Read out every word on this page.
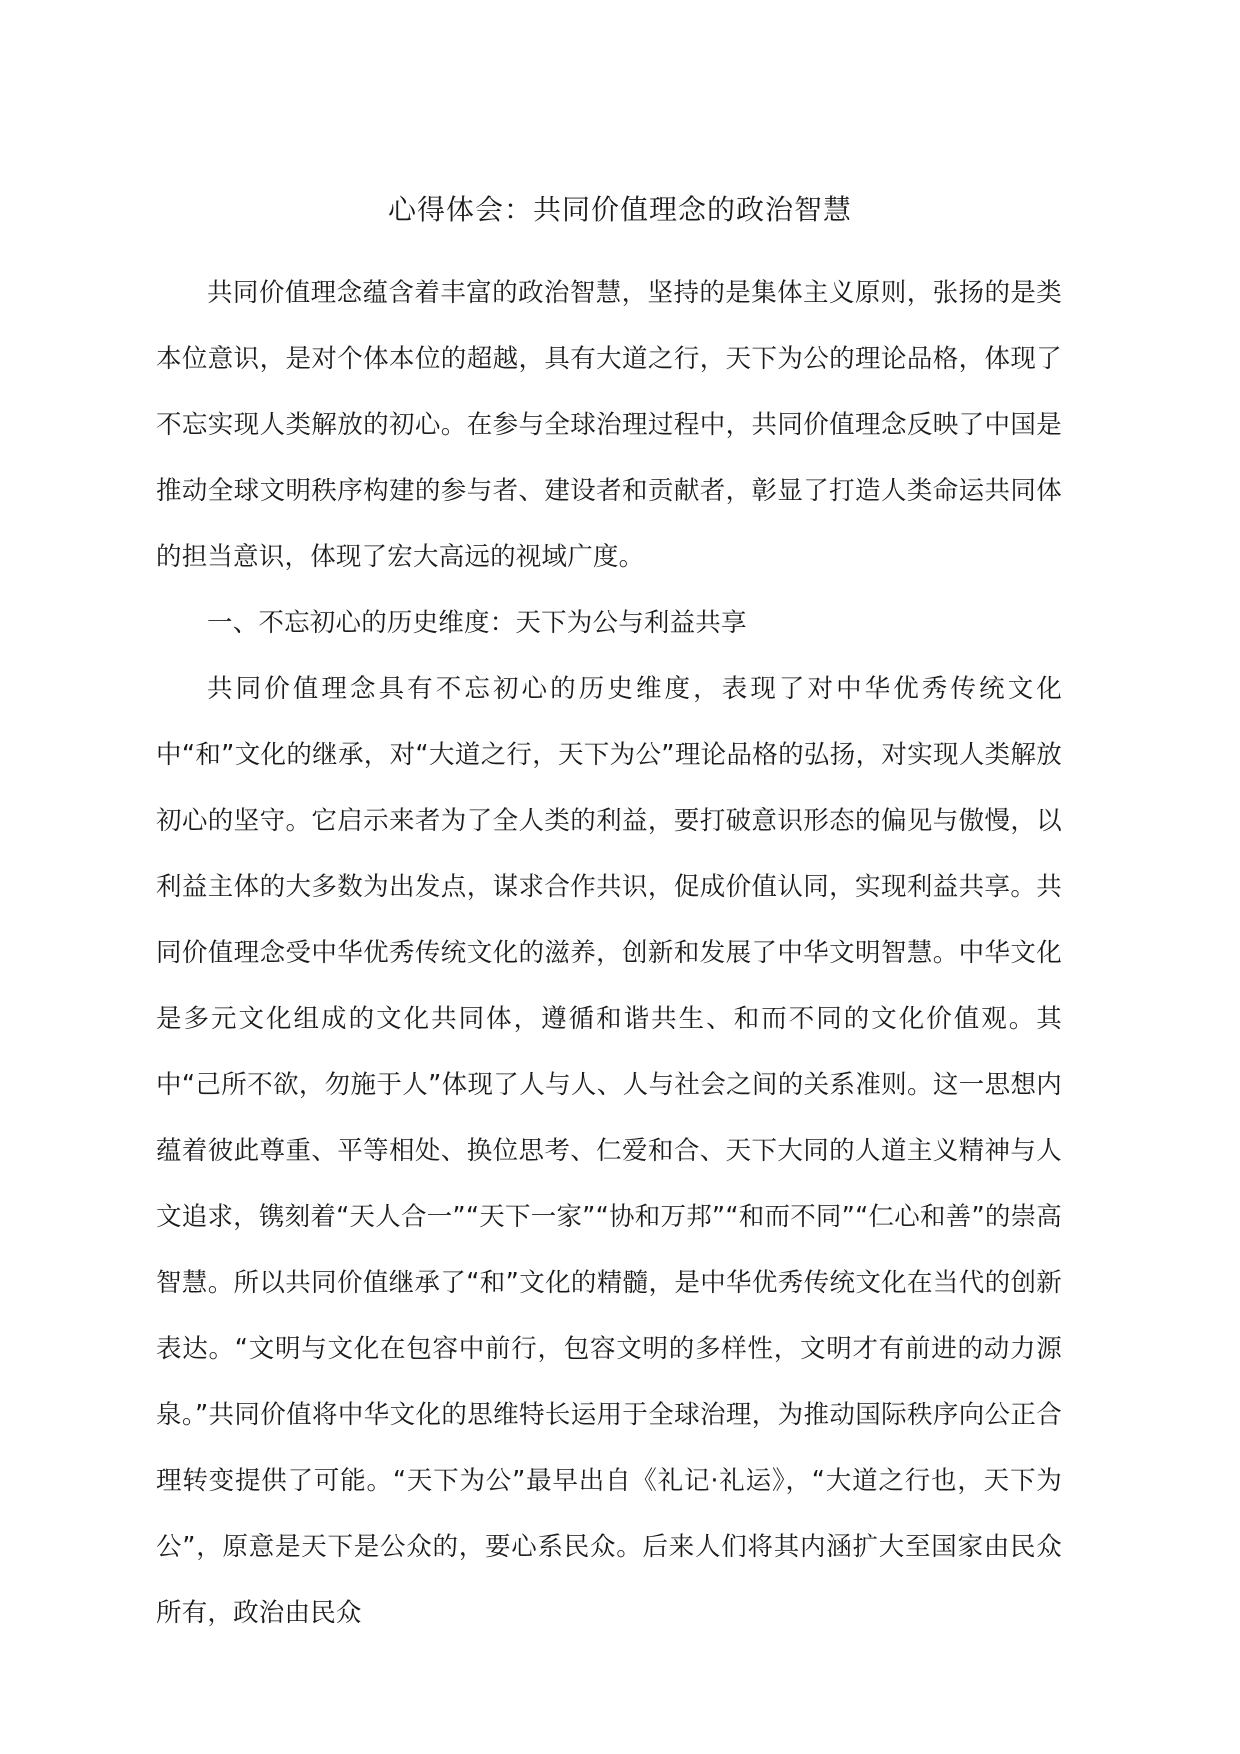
心得体会：共同价值理念的政治智慧

共同价值理念蕴含着丰富的政治智慧，坚持的是集体主义原则，张扬的是类本位意识，是对个体本位的超越，具有大道之行，天下为公的理论品格，体现了不忘实现人类解放的初心。在参与全球治理过程中，共同价值理念反映了中国是推动全球文明秩序构建的参与者、建设者和贡献者，彰显了打造人类命运共同体的担当意识，体现了宏大高远的视域广度。

一、不忘初心的历史维度：天下为公与利益共享

共同价值理念具有不忘初心的历史维度，表现了对中华优秀传统文化中“和”文化的继承，对“大道之行，天下为公”理论品格的弘扬，对实现人类解放初心的坚守。它启示来者为了全人类的利益，要打破意识形态的偏见与傲慢，以利益主体的大多数为出发点，谋求合作共识，促成价值认同，实现利益共享。共同价值理念受中华优秀传统文化的滋养，创新和发展了中华文明智慧。中华文化是多元文化组成的文化共同体，遵循和谐共生、和而不同的文化价值观。其中“己所不欲，勿施于人”体现了人与人、人与社会之间的关系准则。这一思想内蕴着彼此尊重、平等相处、换位思考、仁爱和合、天下大同的人道主义精神与人文追求，镌刻着“天人合一”“天下一家”“协和万邦”“和而不同”“仁心和善”的崇高智慧。所以共同价值继承了“和”文化的精髓，是中华优秀传统文化在当代的创新表达。“文明与文化在包容中前行，包容文明的多样性，文明才有前进的动力源泉。”共同价值将中华文化的思维特长运用于全球治理，为推动国际秩序向公正合理转变提供了可能。“天下为公”最早出自《礼记·礼运》，“大道之行也，天下为公”，原意是天下是公众的，要心系民众。后来人们将其内涵扩大至国家由民众所有，政治由民众
